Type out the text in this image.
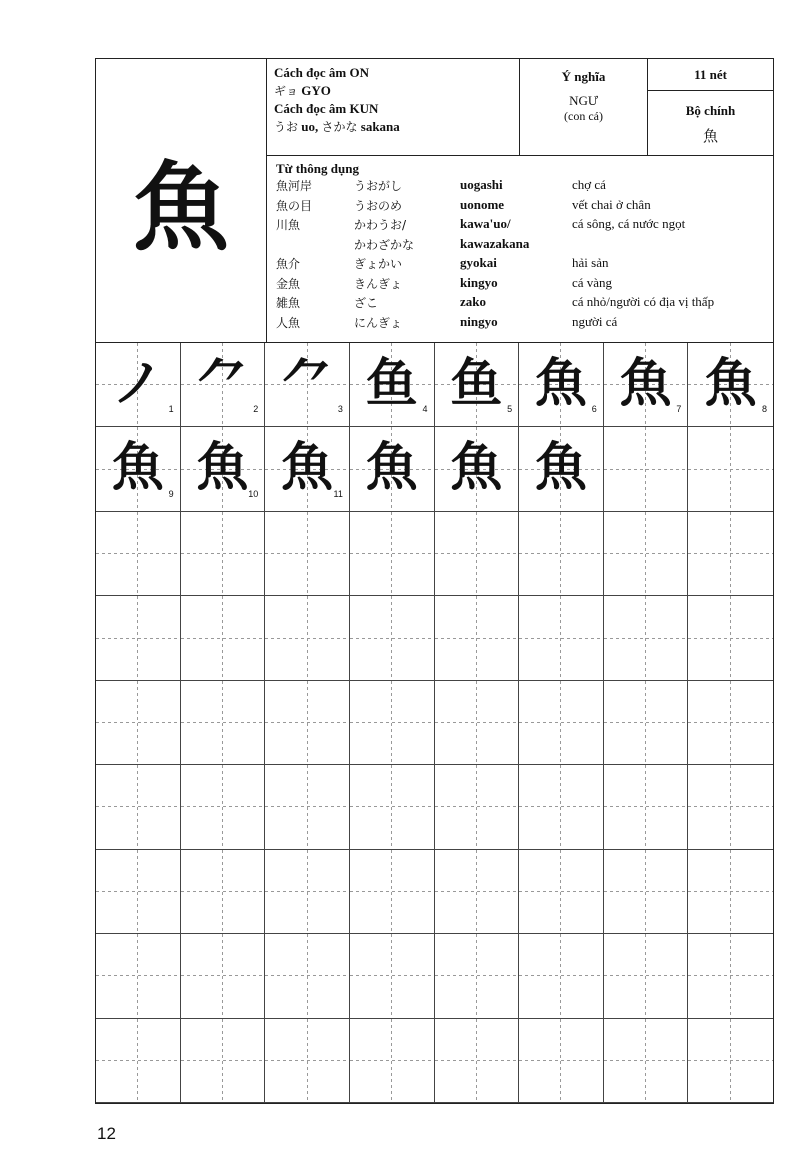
魚
Cách đọc âm ON
ギョ GYO
Cách đọc âm KUN
うお uo, さかな sakana
Ý nghĩa
NGƯ
(con cá)
11 nét
Bộ chính
魚
Từ thông dụng
魚河岸	うおがし	uogashi	chợ cá
魚の目	うおのめ	uonome	vết chai ở chân
川魚	かわうお/	kawa'uo/	cá sông, cá nước ngọt
かわざかな	kawazakana
魚介	ぎょかい	gyokai	hải sản
金魚	きんぎょ	kingyo	cá vàng
雑魚	ざこ	zako	cá nhỏ/người có địa vị thấp
人魚	にんぎょ	ningyo	người cá
ノ 1 ⺈ 2 ⺈ 3 鱼 4 鱼 5 魚 6 魚 7 魚 8
魚 9 魚 10 魚 11 魚 魚 魚
12
